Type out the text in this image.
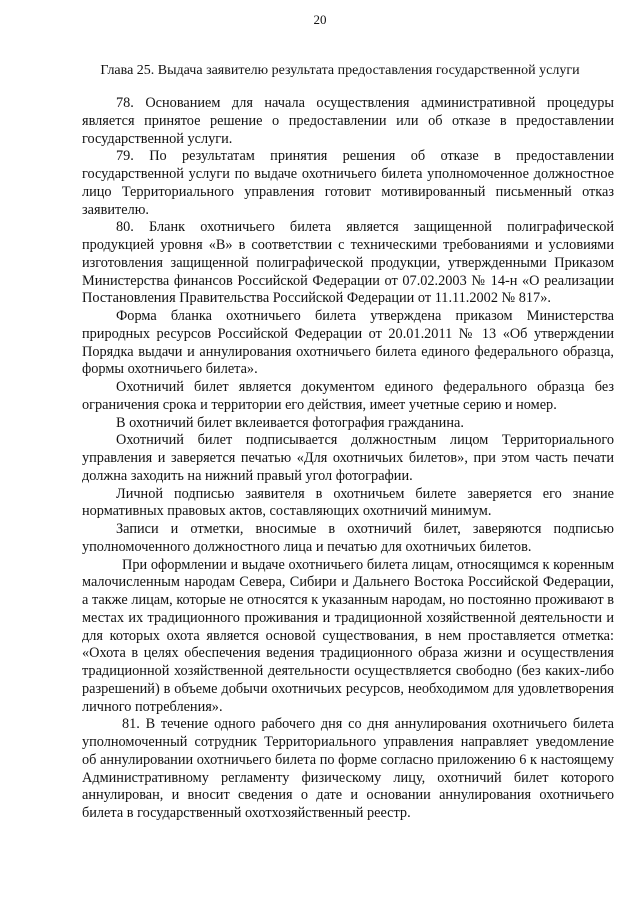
20
Глава 25. Выдача заявителю результата предоставления государственной услуги

78. Основанием для начала осуществления административной процедуры является принятое решение о предоставлении или об отказе в предоставлении государственной услуги.

79. По результатам принятия решения об отказе в предоставлении государственной услуги по выдаче охотничьего билета уполномоченное должностное лицо Территориального управления готовит мотивированный письменный отказ заявителю.

80. Бланк охотничьего билета является защищенной полиграфической продукцией уровня «В» в соответствии с техническими требованиями и условиями изготовления защищенной полиграфической продукции, утвержденными Приказом Министерства финансов Российской Федерации от 07.02.2003 № 14-н «О реализации Постановления Правительства Российской Федерации от 11.11.2002 № 817».

Форма бланка охотничьего билета утверждена приказом Министерства природных ресурсов Российской Федерации от 20.01.2011 № 13 «Об утверждении Порядка выдачи и аннулирования охотничьего билета единого федерального образца, формы охотничьего билета».

Охотничий билет является документом единого федерального образца без ограничения срока и территории его действия, имеет учетные серию и номер.

В охотничий билет вклеивается фотография гражданина.

Охотничий билет подписывается должностным лицом Территориального управления и заверяется печатью «Для охотничьих билетов», при этом часть печати должна заходить на нижний правый угол фотографии.

Личной подписью заявителя в охотничьем билете заверяется его знание нормативных правовых актов, составляющих охотничий минимум.

Записи и отметки, вносимые в охотничий билет, заверяются подписью уполномоченного должностного лица и печатью для охотничьих билетов.

При оформлении и выдаче охотничьего билета лицам, относящимся к коренным малочисленным народам Севера, Сибири и Дальнего Востока Российской Федерации, а также лицам, которые не относятся к указанным народам, но постоянно проживают в местах их традиционного проживания и традиционной хозяйственной деятельности и для которых охота является основой существования, в нем проставляется отметка: «Охота в целях обеспечения ведения традиционного образа жизни и осуществления традиционной хозяйственной деятельности осуществляется свободно (без каких-либо разрешений) в объеме добычи охотничьих ресурсов, необходимом для удовлетворения личного потребления».

81. В течение одного рабочего дня со дня аннулирования охотничьего билета уполномоченный сотрудник Территориального управления направляет уведомление об аннулировании охотничьего билета по форме согласно приложению 6 к настоящему Административному регламенту физическому лицу, охотничий билет которого аннулирован, и вносит сведения о дате и основании аннулирования охотничьего билета в государственный охотхозяйственный реестр.
